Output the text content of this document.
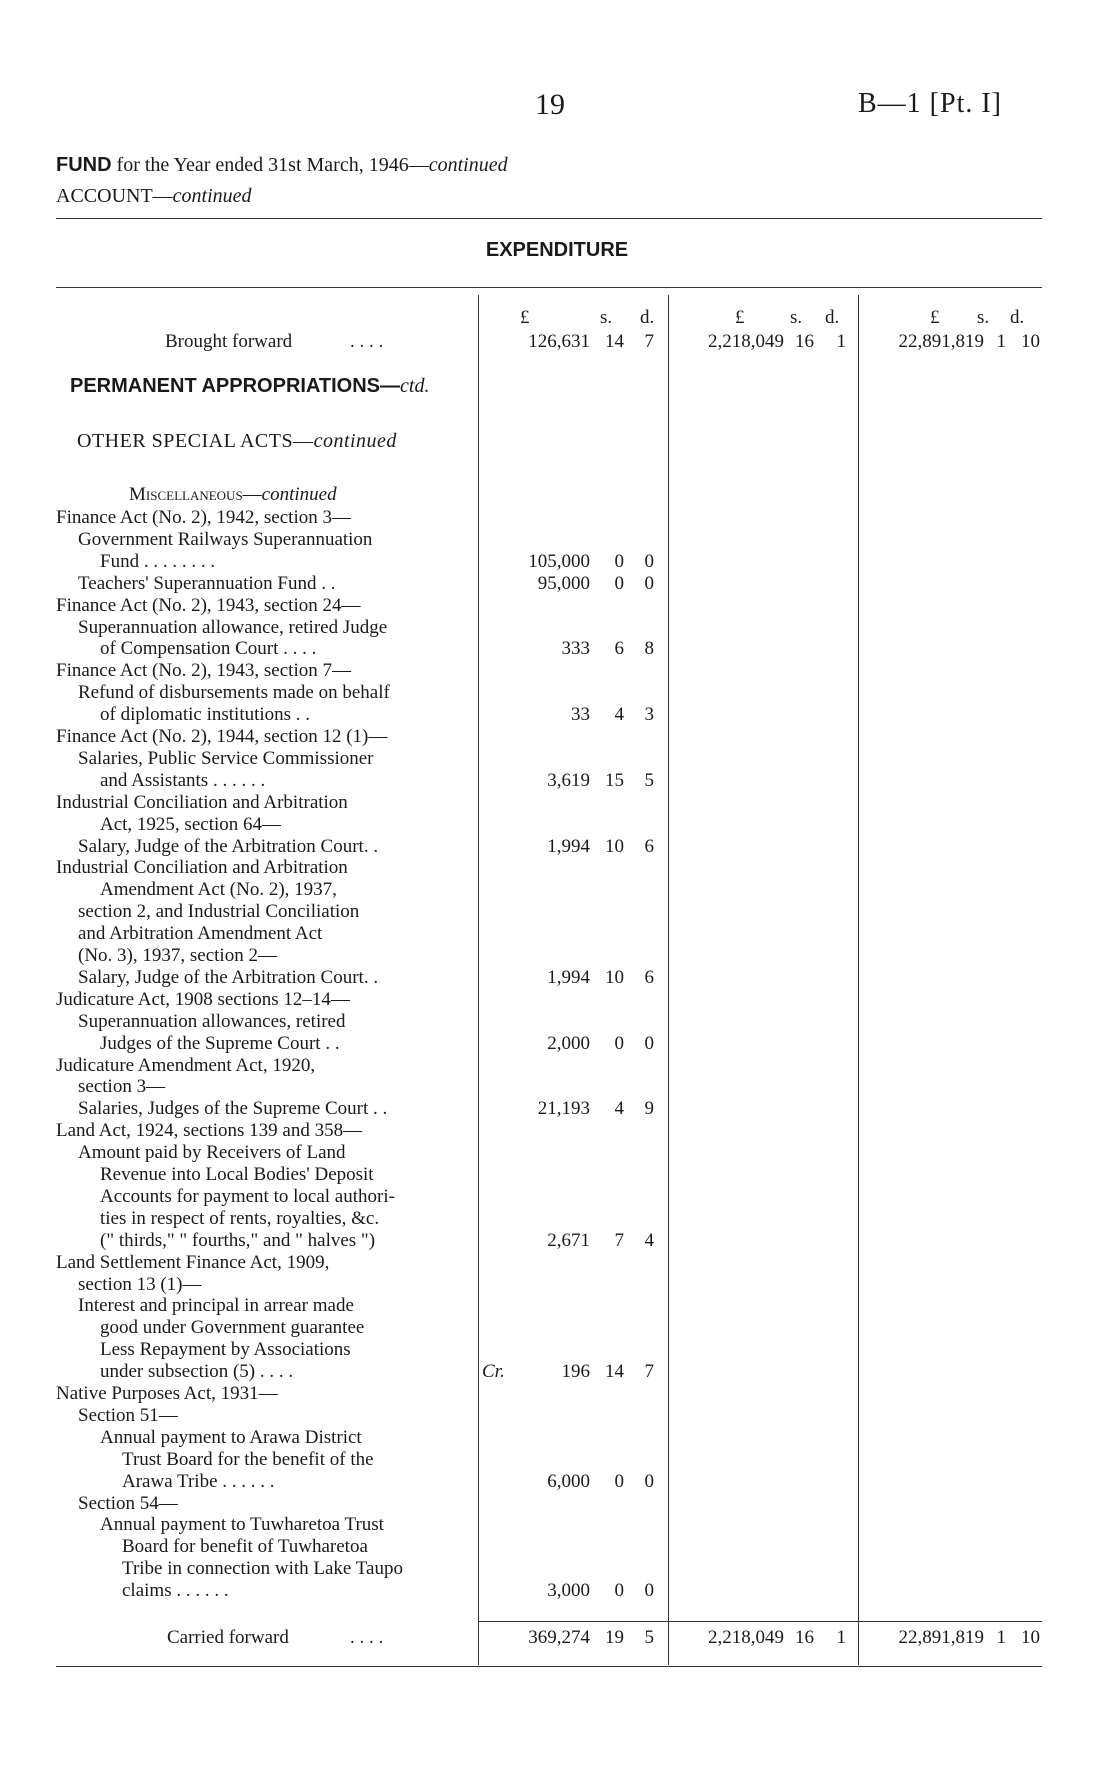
19	B—1 [Pt. I]
FUND for the Year ended 31st March, 1946—continued
ACCOUNT—continued
EXPENDITURE
£	s. d.	£ s. d.	£ s. d.
Brought forward	. . . .	126,631 14	7	2,218,049 16	1	22,891,819 1 10
PERMANENT APPROPRIATIONS—ctd.
OTHER SPECIAL ACTS—continued
Miscellaneous—continued
Finance Act (No. 2), 1942, section 3—
Government Railways Superannuation
Fund . . . . . . . .	105,000	0	0
Teachers' Superannuation Fund . .	95,000	0	0
Finance Act (No. 2), 1943, section 24—
Superannuation allowance, retired Judge
of Compensation Court . . . .	333	6	8
Finance Act (No. 2), 1943, section 7—
Refund of disbursements made on behalf
of diplomatic institutions . .	33	4	3
Finance Act (No. 2), 1944, section 12 (1)—
Salaries, Public Service Commissioner
and Assistants . . . . . .	3,619 15	5
Industrial Conciliation and Arbitration
Act, 1925, section 64—
Salary, Judge of the Arbitration Court. .	1,994 10	6
Industrial Conciliation and Arbitration
Amendment Act (No. 2), 1937,
section 2, and Industrial Conciliation
and Arbitration Amendment Act
(No. 3), 1937, section 2—
Salary, Judge of the Arbitration Court. .	1,994 10	6
Judicature Act, 1908 sections 12–14—
Superannuation allowances, retired
Judges of the Supreme Court . .	2,000	0	0
Judicature Amendment Act, 1920,
section 3—
Salaries, Judges of the Supreme Court . .	21,193	4	9
Land Act, 1924, sections 139 and 358—
Amount paid by Receivers of Land
Revenue into Local Bodies' Deposit
Accounts for payment to local authori-
ties in respect of rents, royalties, &c.
(" thirds," " fourths," and " halves ")	2,671	7	4
Land Settlement Finance Act, 1909,
section 13 (1)—
Interest and principal in arrear made
good under Government guarantee
Less Repayment by Associations
under subsection (5) . . . .	Cr.	196 14	7
Native Purposes Act, 1931—
Section 51—
Annual payment to Arawa District
Trust Board for the benefit of the
Arawa Tribe . . . . . .	6,000	0	0
Section 54—
Annual payment to Tuwharetoa Trust
Board for benefit of Tuwharetoa
Tribe in connection with Lake Taupo
claims . . . . . .	3,000	0	0
Carried forward	. . . .	369,274 19	5	2,218,049 16	1	22,891,819 1 10
